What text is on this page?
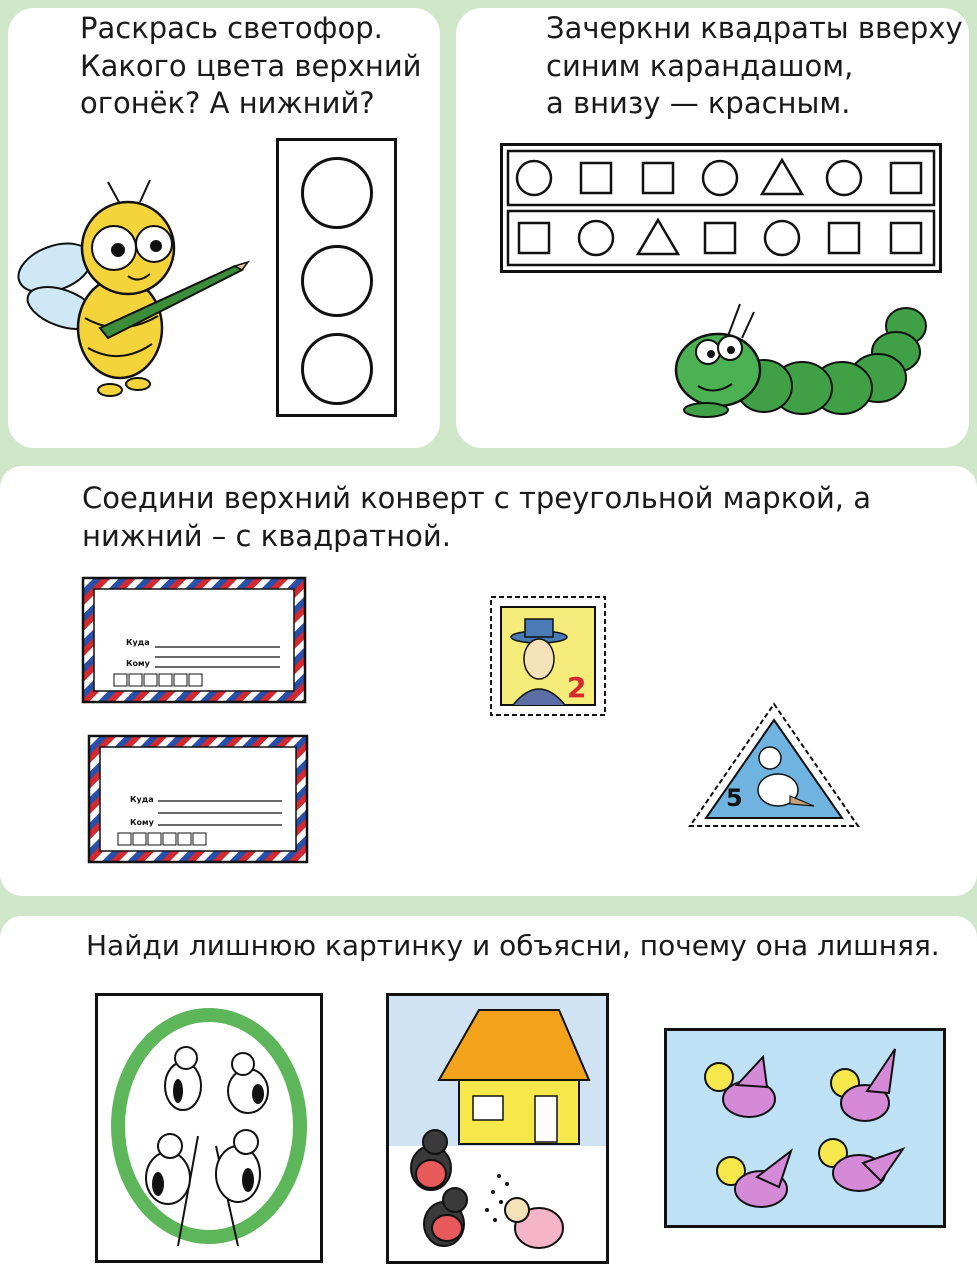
Раскрась светофор.
Какого цвета верхний
огонёк? А нижний?
Зачеркни квадраты вверху
синим карандашом,
а внизу — красным.
Соедини верхний конверт с треугольной маркой, а
нижний – с квадратной.
Куда
Кому
Куда
Кому
2
5
Найди лишнюю картинку и объясни, почему она лишняя.
